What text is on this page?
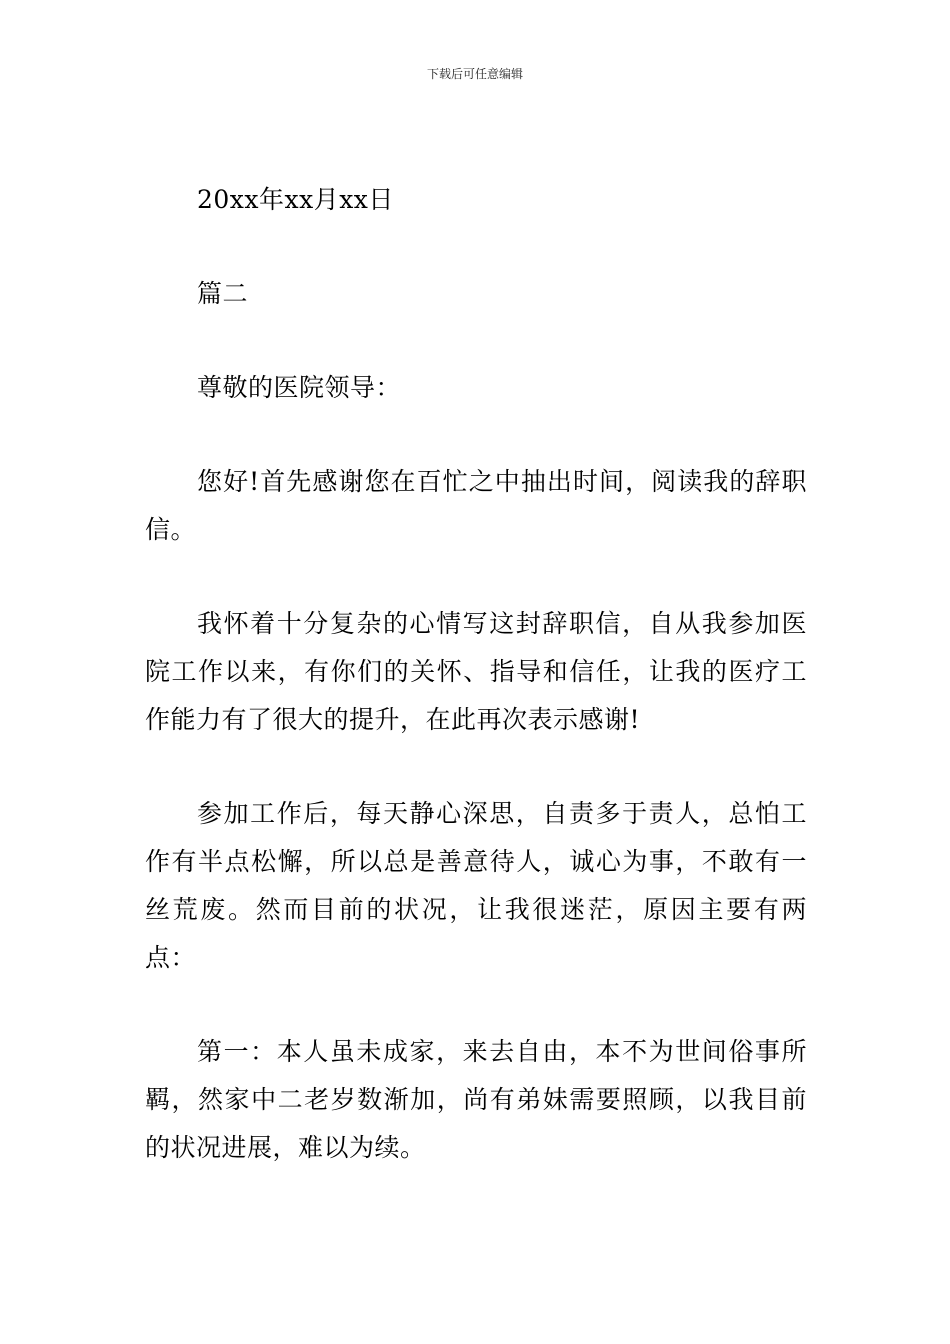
下载后可任意编辑

20xx年xx月xx日

篇二

尊敬的医院领导：

您好!首先感谢您在百忙之中抽出时间，阅读我的辞职信。

我怀着十分复杂的心情写这封辞职信，自从我参加医院工作以来，有你们的关怀、指导和信任，让我的医疗工作能力有了很大的提升，在此再次表示感谢!

参加工作后，每天静心深思，自责多于责人，总怕工作有半点松懈，所以总是善意待人，诚心为事，不敢有一丝荒废。然而目前的状况，让我很迷茫，原因主要有两点：

第一：本人虽未成家，来去自由，本不为世间俗事所羁，然家中二老岁数渐加，尚有弟妹需要照顾，以我目前的状况进展，难以为续。
